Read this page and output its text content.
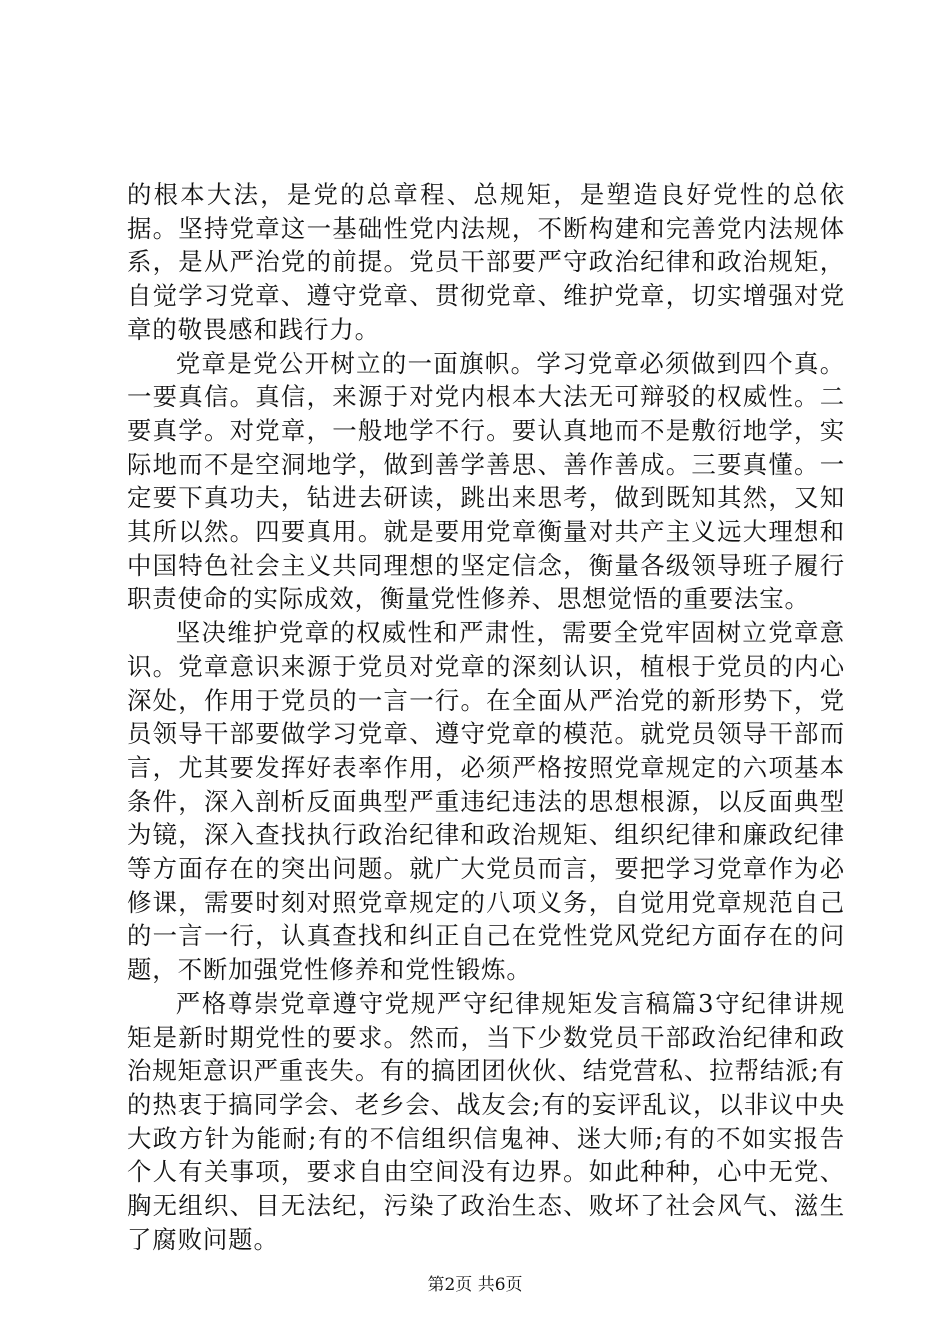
的根本大法，是党的总章程、总规矩，是塑造良好党性的总依据。坚持党章这一基础性党内法规，不断构建和完善党内法规体系，是从严治党的前提。党员干部要严守政治纪律和政治规矩，自觉学习党章、遵守党章、贯彻党章、维护党章，切实增强对党章的敬畏感和践行力。

党章是党公开树立的一面旗帜。学习党章必须做到四个真。一要真信。真信，来源于对党内根本大法无可辩驳的权威性。二要真学。对党章，一般地学不行。要认真地而不是敷衍地学，实际地而不是空洞地学，做到善学善思、善作善成。三要真懂。一定要下真功夫，钻进去研读，跳出来思考，做到既知其然，又知其所以然。四要真用。就是要用党章衡量对共产主义远大理想和中国特色社会主义共同理想的坚定信念，衡量各级领导班子履行职责使命的实际成效，衡量党性修养、思想觉悟的重要法宝。

坚决维护党章的权威性和严肃性，需要全党牢固树立党章意识。党章意识来源于党员对党章的深刻认识，植根于党员的内心深处，作用于党员的一言一行。在全面从严治党的新形势下，党员领导干部要做学习党章、遵守党章的模范。就党员领导干部而言，尤其要发挥好表率作用，必须严格按照党章规定的六项基本条件，深入剖析反面典型严重违纪违法的思想根源，以反面典型为镜，深入查找执行政治纪律和政治规矩、组织纪律和廉政纪律等方面存在的突出问题。就广大党员而言，要把学习党章作为必修课，需要时刻对照党章规定的八项义务，自觉用党章规范自己的一言一行，认真查找和纠正自己在党性党风党纪方面存在的问题，不断加强党性修养和党性锻炼。

严格尊崇党章遵守党规严守纪律规矩发言稿篇3守纪律讲规矩是新时期党性的要求。然而，当下少数党员干部政治纪律和政治规矩意识严重丧失。有的搞团团伙伙、结党营私、拉帮结派;有的热衷于搞同学会、老乡会、战友会;有的妄评乱议，以非议中央大政方针为能耐;有的不信组织信鬼神、迷大师;有的不如实报告个人有关事项，要求自由空间没有边界。如此种种，心中无党、胸无组织、目无法纪，污染了政治生态、败坏了社会风气、滋生了腐败问题。

第2页 共6页
